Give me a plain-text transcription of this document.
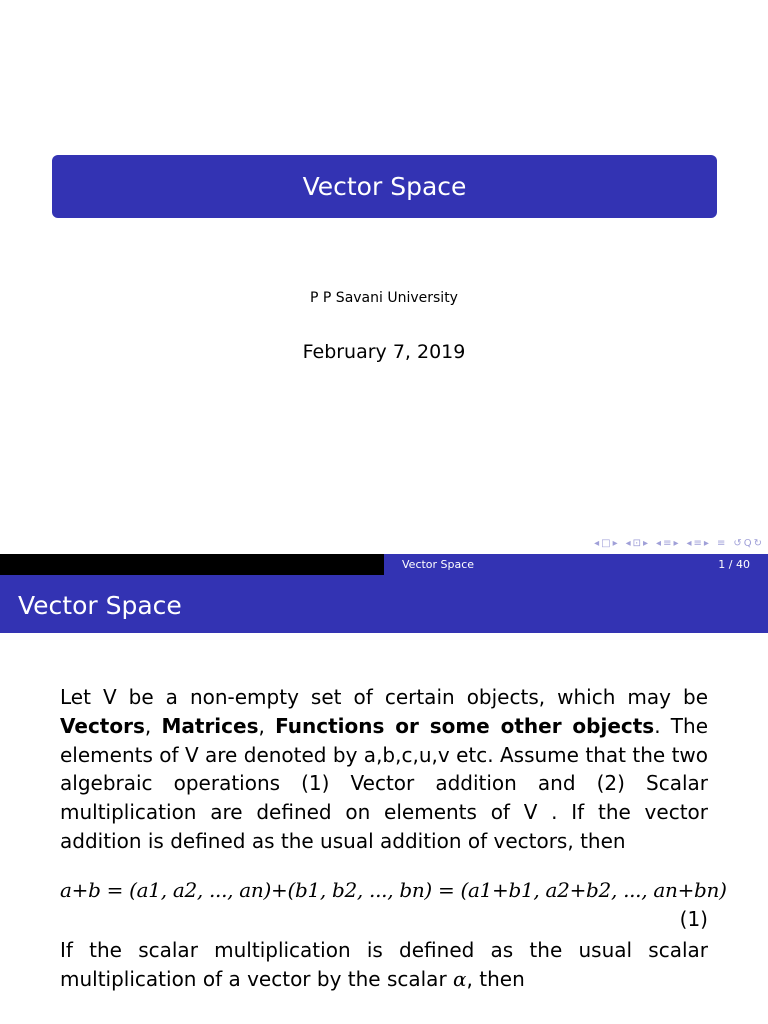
Vector Space
P P Savani University
February 7, 2019
◂ □ ▸ ◂ ⊡ ▸ ◂ ≡ ▸ ◂ ≡ ▸ ≡ ↺ Q ↻
Vector Space	1 / 40
Vector Space
Let V be a non-empty set of certain objects, which may be Vectors, Matrices, Functions or some other objects. The elements of V are denoted by a,b,c,u,v etc. Assume that the two algebraic operations (1) Vector addition and (2) Scalar multiplication are defined on elements of V . If the vector addition is defined as the usual addition of vectors, then
a+b = (a1, a2, ..., an)+(b1, b2, ..., bn) = (a1+b1, a2+b2, ..., an+bn)
(1)
If the scalar multiplication is defined as the usual scalar multiplication of a vector by the scalar α, then
